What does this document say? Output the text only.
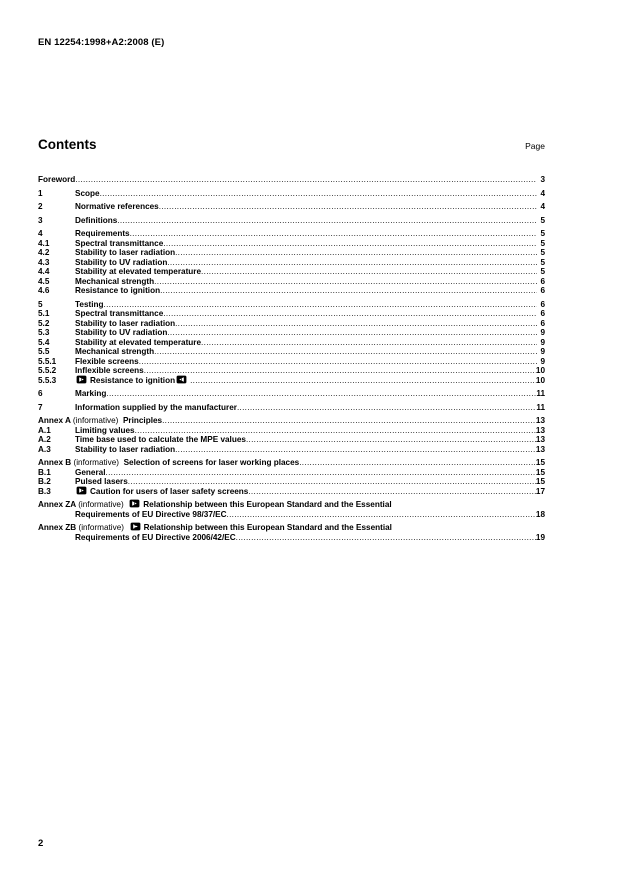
EN 12254:1998+A2:2008 (E)
Contents	Page
Foreword .....	3
1	Scope .....	4
2	Normative references .....	4
3	Definitions .....	5
4	Requirements .....	5
4.1	Spectral transmittance .....	5
4.2	Stability to laser radiation .....	5
4.3	Stability to UV radiation .....	5
4.4	Stability at elevated temperature .....	5
4.5	Mechanical strength .....	6
4.6	Resistance to ignition .....	6
5	Testing .....	6
5.1	Spectral transmittance .....	6
5.2	Stability to laser radiation .....	6
5.3	Stability to UV radiation .....	9
5.4	Stability at elevated temperature .....	9
5.5	Mechanical strength .....	9
5.5.1	Flexible screens .....	9
5.5.2	Inflexible screens .....	10
5.5.3	Resistance to ignition .....	10
6	Marking .....	11
7	Information supplied by the manufacturer .....	11
Annex A (informative) Principles .....	13
A.1	Limiting values .....	13
A.2	Time base used to calculate the MPE values .....	13
A.3	Stability to laser radiation .....	13
Annex B (informative) Selection of screens for laser working places .....	15
B.1	General .....	15
B.2	Pulsed lasers .....	15
B.3	Caution for users of laser safety screens .....	17
Annex ZA (informative) Relationship between this European Standard and the Essential
Requirements of EU Directive 98/37/EC .....	18
Annex ZB (informative) Relationship between this European Standard and the Essential
Requirements of EU Directive 2006/42/EC .....	19
2
